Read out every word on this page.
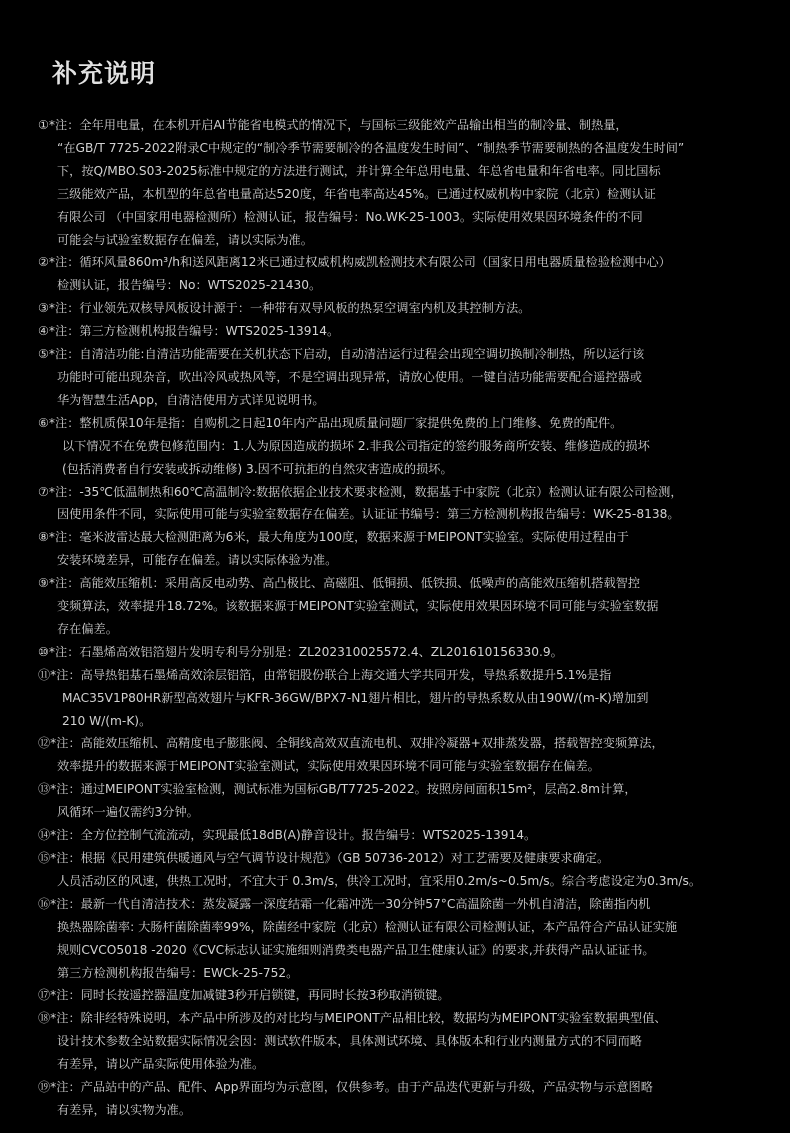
补充说明
①*注：全年用电量，在本机开启AI节能省电模式的情况下，与国标三级能效产品输出相当的制冷量、制热量，
“在GB/T 7725-2022附录C中规定的“制冷季节需要制冷的各温度发生时间”、“制热季节需要制热的各温度发生时间”
下，按Q/MBO.S03-2025标准中规定的方法进行测试，并计算全年总用电量、年总省电量和年省电率。同比国标
三级能效产品，本机型的年总省电量高达520度，年省电率高达45%。已通过权威机构中家院（北京）检测认证
有限公司 （中国家用电器检测所）检测认证，报告编号：No.WK-25-1003。实际使用效果因环境条件的不同
可能会与试验室数据存在偏差，请以实际为准。
②*注：循环风量860m³/h和送风距离12米已通过权威机构威凯检测技术有限公司（国家日用电器质量检验检测中心）
检测认证，报告编号：No：WTS2025-21430。
③*注：行业领先双核导风板设计源于：一种带有双导风板的热泵空调室内机及其控制方法。
④*注：第三方检测机构报告编号：WTS2025-13914。
⑤*注：自清洁功能:自清洁功能需要在关机状态下启动，自动清洁运行过程会出现空调切换制冷制热，所以运行该
功能时可能出现杂音，吹出冷风或热风等，不是空调出现异常，请放心使用。一键自洁功能需要配合遥控器或
华为智慧生活App，自清洁使用方式详见说明书。
⑥*注：整机质保10年是指：自购机之日起10年内产品出现质量问题厂家提供免费的上门维修、免费的配件。
以下情况不在免费包修范围内：1.人为原因造成的损坏 2.非我公司指定的签约服务商所安装、维修造成的损坏
(包括消费者自行安装或拆动维修) 3.因不可抗拒的自然灾害造成的损坏。
⑦*注：-35℃低温制热和60℃高温制冷:数据依据企业技术要求检测，数据基于中家院（北京）检测认证有限公司检测，
因使用条件不同，实际使用可能与实验室数据存在偏差。认证证书编号：第三方检测机构报告编号：WK-25-8138。
⑧*注：毫米波雷达最大检测距离为6米，最大角度为100度，数据来源于MEIPONT实验室。实际使用过程由于
安装环境差异，可能存在偏差。请以实际体验为准。
⑨*注：高能效压缩机：采用高反电动势、高凸极比、高磁阻、低铜损、低铁损、低噪声的高能效压缩机搭载智控
变频算法，效率提升18.72%。该数据来源于MEIPONT实验室测试，实际使用效果因环境不同可能与实验室数据
存在偏差。
⑩*注：石墨烯高效铝箔翅片发明专利号分别是：ZL202310025572.4、ZL201610156330.9。
⑪*注：高导热铝基石墨烯高效涂层铝箔，由常铝股份联合上海交通大学共同开发，导热系数提升5.1%是指
MAC35V1P80HR新型高效翅片与KFR-36GW/BPX7-N1翅片相比，翅片的导热系数从由190W/(m-K)增加到
210 W/(m-K)。
⑫*注：高能效压缩机、高精度电子膨胀阀、全铜线高效双直流电机、双排冷凝器+双排蒸发器，搭载智控变频算法，
效率提升的数据来源于MEIPONT实验室测试，实际使用效果因环境不同可能与实验室数据存在偏差。
⑬*注：通过MEIPONT实验室检测，测试标准为国标GB/T7725-2022。按照房间面积15m²，层高2.8m计算，
风循环一遍仅需约3分钟。
⑭*注：全方位控制气流流动，实现最低18dB(A)静音设计。报告编号：WTS2025-13914。
⑮*注：根据《民用建筑供暖通风与空气调节设计规范》（GB 50736-2012）对工艺需要及健康要求确定。
人员活动区的风速，供热工况时，不宜大于 0.3m/s，供冷工况时，宜采用0.2m/s~0.5m/s。综合考虑设定为0.3m/s。
⑯*注：最新一代自清洁技术：蒸发凝露一深度结霜一化霜冲洗一30分钟57°C高温除菌一外机自清洁，除菌指内机
换热器除菌率: 大肠杆菌除菌率99%，除菌经中家院（北京）检测认证有限公司检测认证，本产品符合产品认证实施
规则CVCO5018 -2020《CVC标志认证实施细则消费类电器产品卫生健康认证》的要求,并获得产品认证证书。
第三方检测机构报告编号：EWCk-25-752。
⑰*注：同时长按遥控器温度加减键3秒开启锁键，再同时长按3秒取消锁键。
⑱*注：除非经特殊说明，本产品中所涉及的对比均与MEIPONT产品相比较，数据均为MEIPONT实验室数据典型值、
设计技术参数全站数据实际情况会因：测试软件版本，具体测试环境、具体版本和行业内测量方式的不同而略
有差异，请以产品实际使用体验为准。
⑲*注：产品站中的产品、配件、App界面均为示意图，仅供参考。由于产品迭代更新与升级，产品实物与示意图略
有差异，请以实物为准。
